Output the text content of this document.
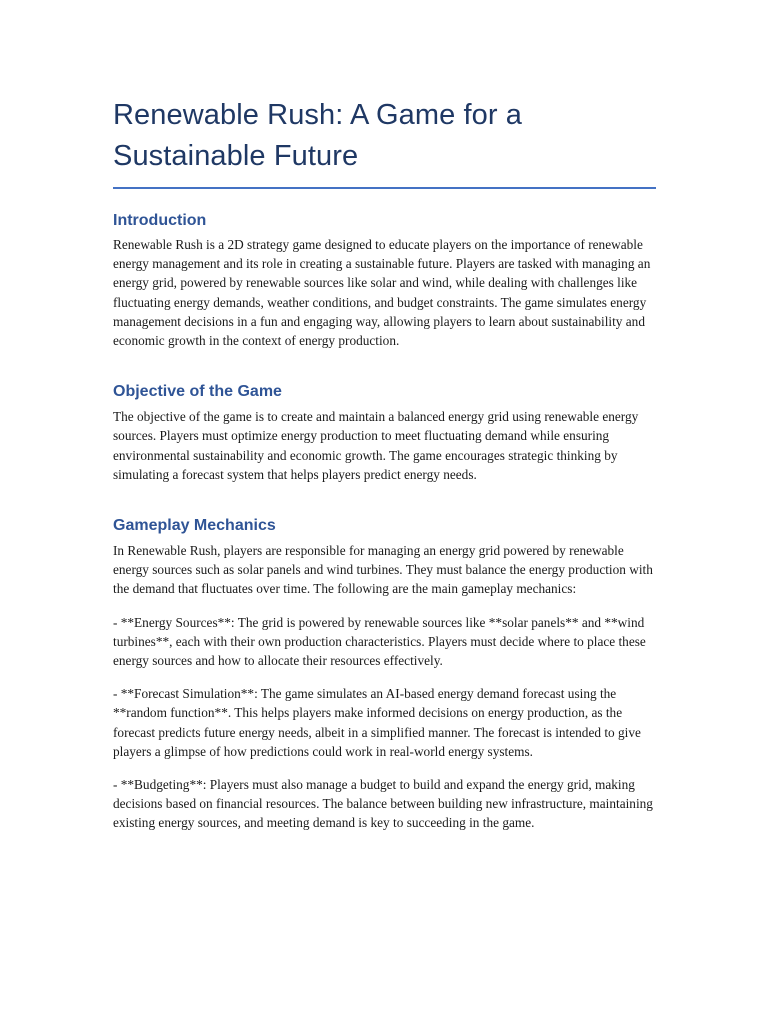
Renewable Rush: A Game for a Sustainable Future
Introduction

Renewable Rush is a 2D strategy game designed to educate players on the importance of renewable energy management and its role in creating a sustainable future. Players are tasked with managing an energy grid, powered by renewable sources like solar and wind, while dealing with challenges like fluctuating energy demands, weather conditions, and budget constraints. The game simulates energy management decisions in a fun and engaging way, allowing players to learn about sustainability and economic growth in the context of energy production.

Objective of the Game

The objective of the game is to create and maintain a balanced energy grid using renewable energy sources. Players must optimize energy production to meet fluctuating demand while ensuring environmental sustainability and economic growth. The game encourages strategic thinking by simulating a forecast system that helps players predict energy needs.

Gameplay Mechanics

In Renewable Rush, players are responsible for managing an energy grid powered by renewable energy sources such as solar panels and wind turbines. They must balance the energy production with the demand that fluctuates over time. The following are the main gameplay mechanics:

- **Energy Sources**: The grid is powered by renewable sources like **solar panels** and **wind turbines**, each with their own production characteristics. Players must decide where to place these energy sources and how to allocate their resources effectively.

- **Forecast Simulation**: The game simulates an AI-based energy demand forecast using the **random function**. This helps players make informed decisions on energy production, as the forecast predicts future energy needs, albeit in a simplified manner. The forecast is intended to give players a glimpse of how predictions could work in real-world energy systems.

- **Budgeting**: Players must also manage a budget to build and expand the energy grid, making decisions based on financial resources. The balance between building new infrastructure, maintaining existing energy sources, and meeting demand is key to succeeding in the game.
